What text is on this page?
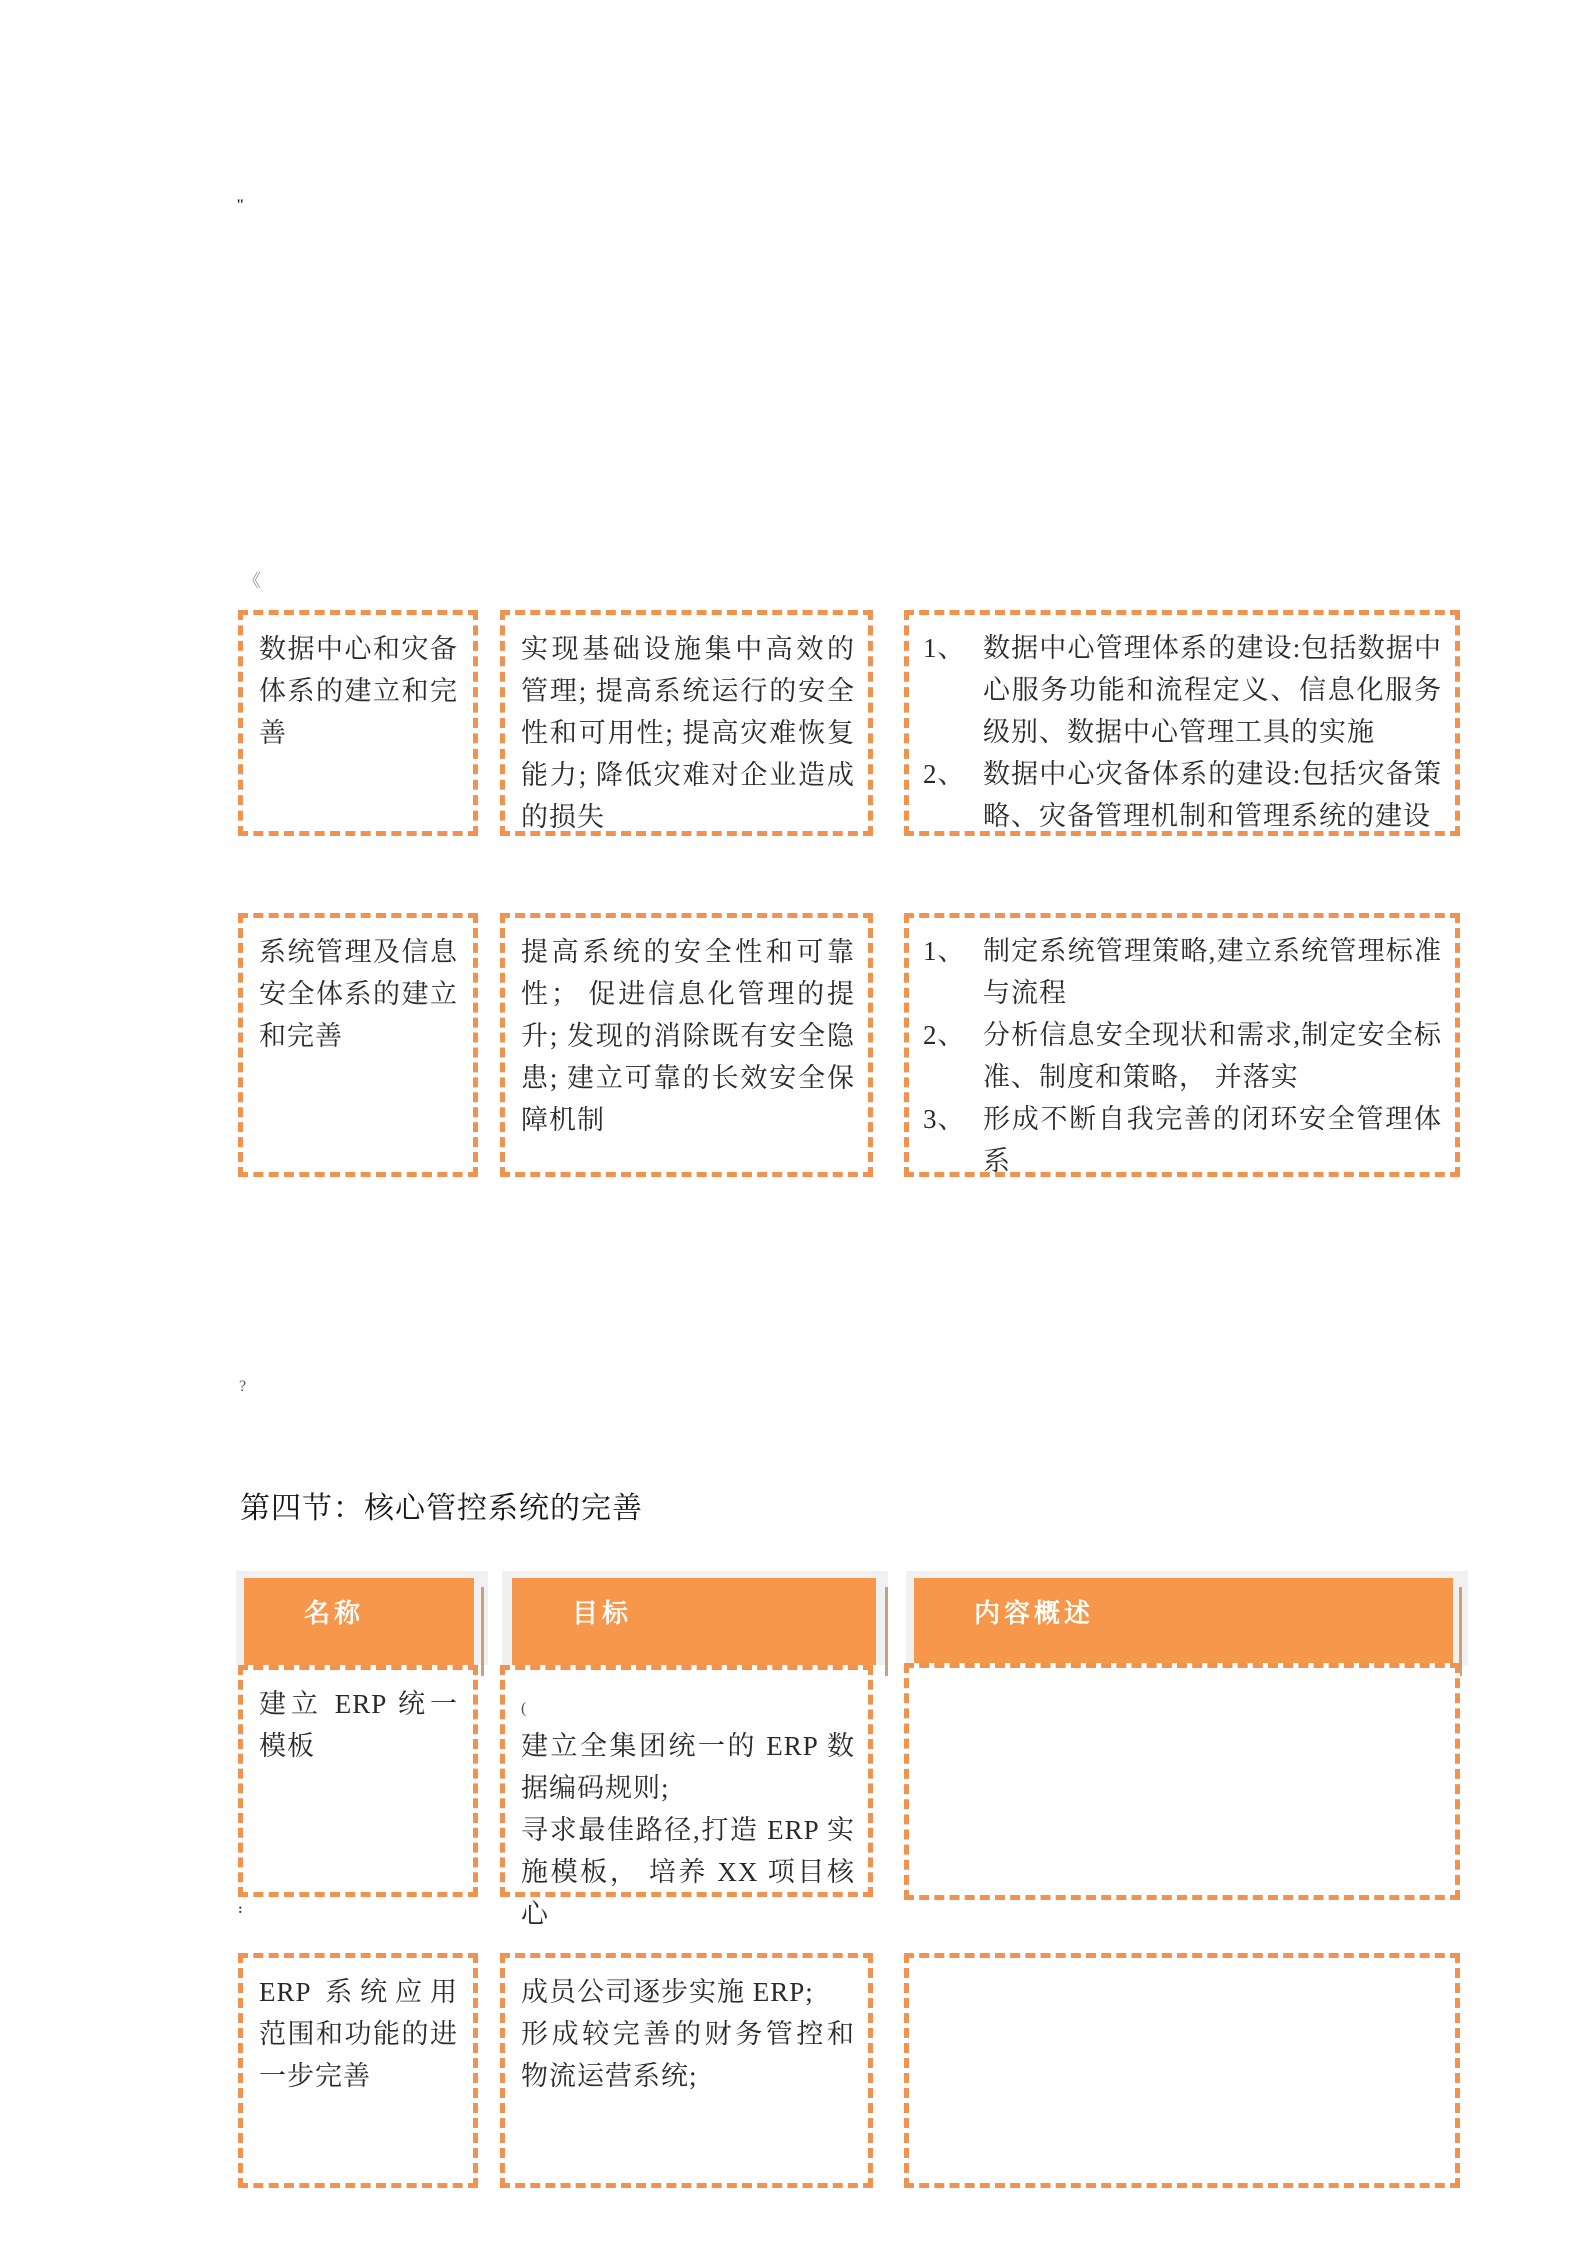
"
《
数据中心和灾备体系的建立和完善
实现基础设施集中高效的管理; 提高系统运行的安全性和可用性; 提高灾难恢复能力; 降低灾难对企业造成的损失
1、 数据中心管理体系的建设:包括数据中心服务功能和流程定义、信息化服务级别、数据中心管理工具的实施
2、 数据中心灾备体系的建设:包括灾备策略、灾备管理机制和管理系统的建设
系统管理及信息安全体系的建立和完善
提高系统的安全性和可靠性； 促进信息化管理的提升; 发现的消除既有安全隐患; 建立可靠的长效安全保障机制
1、 制定系统管理策略,建立系统管理标准与流程
2、 分析信息安全现状和需求,制定安全标准、制度和策略， 并落实
3、 形成不断自我完善的闭环安全管理体系
?
第四节：核心管控系统的完善
名称	目标	内容概述
建立 ERP 统一模板
(
建立全集团统一的 ERP 数据编码规则;
寻求最佳路径,打造 ERP 实施模板， 培养 XX 项目核心
:
ERP 系统应用范围和功能的进一步完善
成员公司逐步实施 ERP;
形成较完善的财务管控和物流运营系统;
